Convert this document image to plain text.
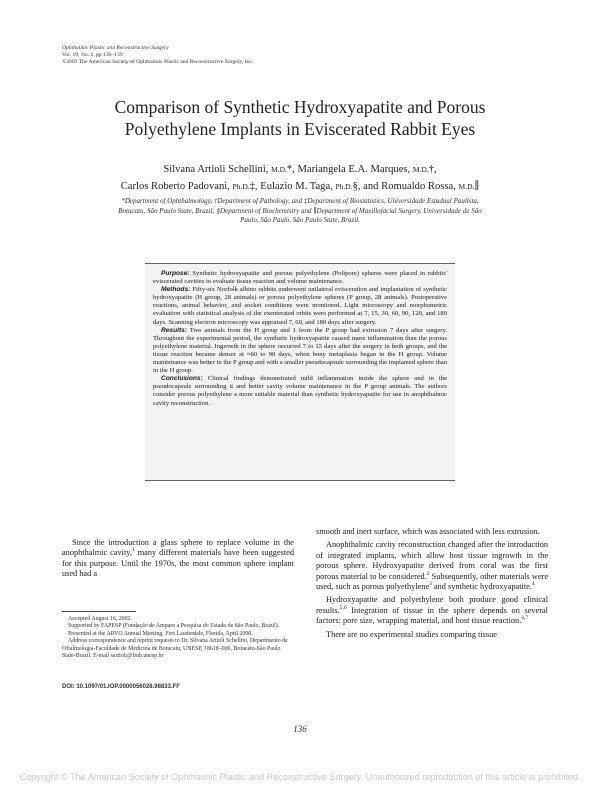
Ophthalmic Plastic and Reconstructive Surgery
Vol. 19, No. 2, pp 136–139
©2003 The American Society of Ophthalmic Plastic and Reconstructive Surgery, Inc.
Comparison of Synthetic Hydroxyapatite and Porous
Polyethylene Implants in Eviscerated Rabbit Eyes
Silvana Artioli Schellini, M.D.*, Mariangela E.A. Marques, M.D.†,
Carlos Roberto Padovani, Ph.D.‡, Eulazio M. Taga, Ph.D.§, and Romualdo Rossa, M.D.∥
*Department of Ophthalmology, †Department of Pathology, and ‡Department of Biostatistics, Universidade Estadual Paulista,
Botucatu, São Paulo State, Brazil; §Department of Biochemistry and ∥Department of Maxillofacial Surgery, Universidade de São
Paulo, São Paulo, São Paulo State, Brazil.

Purpose: Synthetic hydroxyapatite and porous polyethylene (Polipore) spheres were placed in rabbits' eviscerated cavities to evaluate tissue reaction and volume maintenance.

Methods: Fifty-six Norfolk albino rabbits underwent unilateral evisceration and implantation of synthetic hydroxyapatite (H group, 28 animals) or porous polyethylene spheres (P group, 28 animals). Postoperative reactions, animal behavior, and socket conditions were monitored. Light microscopy and morphometric evaluation with statistical analysis of the exenterated orbits were performed at 7, 15, 30, 60, 90, 120, and 180 days. Scanning electron microscopy was appraised 7, 60, and 180 days after surgery.

Results: Two animals from the H group and 1 from the P group had extrusion 7 days after surgery. Throughout the experimental period, the synthetic hydroxyapatite caused more inflammation than the porous polyethylene material. Ingrowth in the sphere occurred 7 to 15 days after the surgery in both groups, and the tissue reaction became denser at ≈60 to 90 days, when bony metaplasia began in the H group. Volume maintenance was better in the P group and with a smaller pseudocapsule surrounding the implanted sphere than in the H group.

Conclusions: Clinical findings demonstrated mild inflammation inside the sphere and in the pseudocapsule surrounding it and better cavity volume maintenance in the P group animals. The authors consider porous polyethylene a more suitable material than synthetic hydroxyapatite for use in anophthalmic cavity reconstruction.

Since the introduction a glass sphere to replace volume in the anophthalmic cavity,$^1$ many different materials have been suggested for this purpose. Until the 1970s, the most common sphere implant used had a

Accepted August 16, 2002.

Supported by FAPESP (Fundação de Amparo a Pesquisa do Estado de São Paulo, Brazil).

Presented at the ARVO Annual Meeting, Fort Lauderdale, Florida, April 2000.

Address correspondence and reprint requests to Dr. Silvana Artioli Schellini, Departmento de Oftalmologia-Faculdade de Medicina de Botucatu, UNESP, 18618–000, Botucatu-São Paulo State-Brazil. E-mail sartioli@fmb.unesp.br

DOI: 10.1097/01.IOP.0000056028.98833.FF

smooth and inert surface, which was associated with less extrusion.

Anophthalmic cavity reconstruction changed after the introduction of integrated implants, which allow host tissue ingrowth in the porous sphere. Hydroxyapatite derived from coral was the first porous material to be considered.$^2$ Subsequently, other materials were used, such as porous polyethylene$^3$ and synthetic hydroxyapatite.$^4$

Hydroxyapatite and polyethylene both produce good clinical results.$^{5,6}$ Integration of tissue in the sphere depends on several factors: pore size, wrapping material, and host tissue reaction.$^{3,7}$

There are no experimental studies comparing tissue

136
Copyright © The American Society of Ophthalmic Plastic and Reconstructive Surgery. Unauthorized reproduction of this article is prohibited.
